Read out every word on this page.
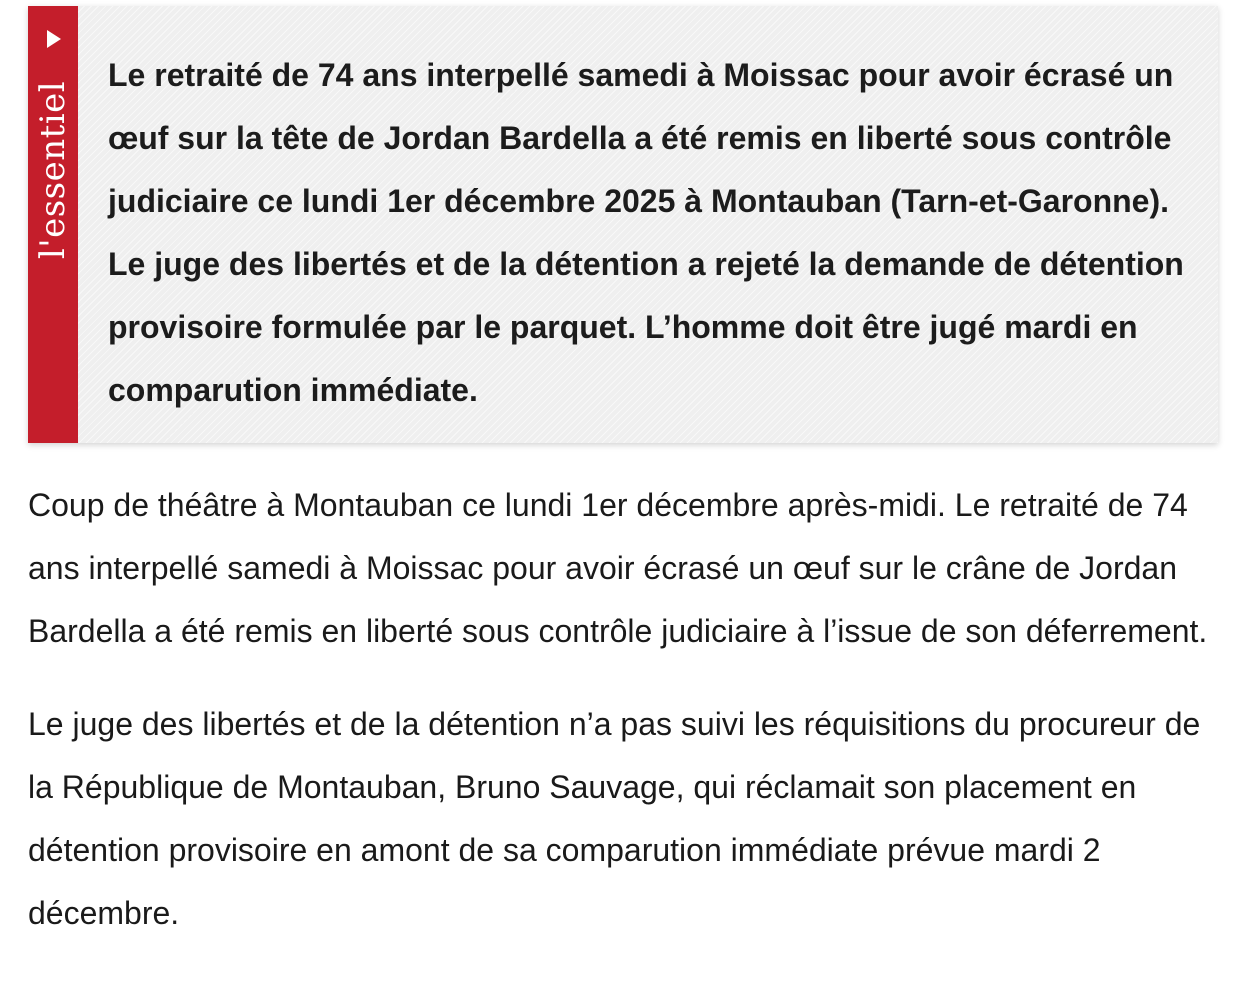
l'essentiel

Le retraité de 74 ans interpellé samedi à Moissac pour avoir écrasé un œuf sur la tête de Jordan Bardella a été remis en liberté sous contrôle judiciaire ce lundi 1er décembre 2025 à Montauban (Tarn-et-Garonne). Le juge des libertés et de la détention a rejeté la demande de détention provisoire formulée par le parquet. L’homme doit être jugé mardi en comparution immédiate.

Coup de théâtre à Montauban ce lundi 1er décembre après-midi. Le retraité de 74 ans interpellé samedi à Moissac pour avoir écrasé un œuf sur le crâne de Jordan Bardella a été remis en liberté sous contrôle judiciaire à l’issue de son déferrement.

Le juge des libertés et de la détention n’a pas suivi les réquisitions du procureur de la République de Montauban, Bruno Sauvage, qui réclamait son placement en détention provisoire en amont de sa comparution immédiate prévue mardi 2 décembre.
